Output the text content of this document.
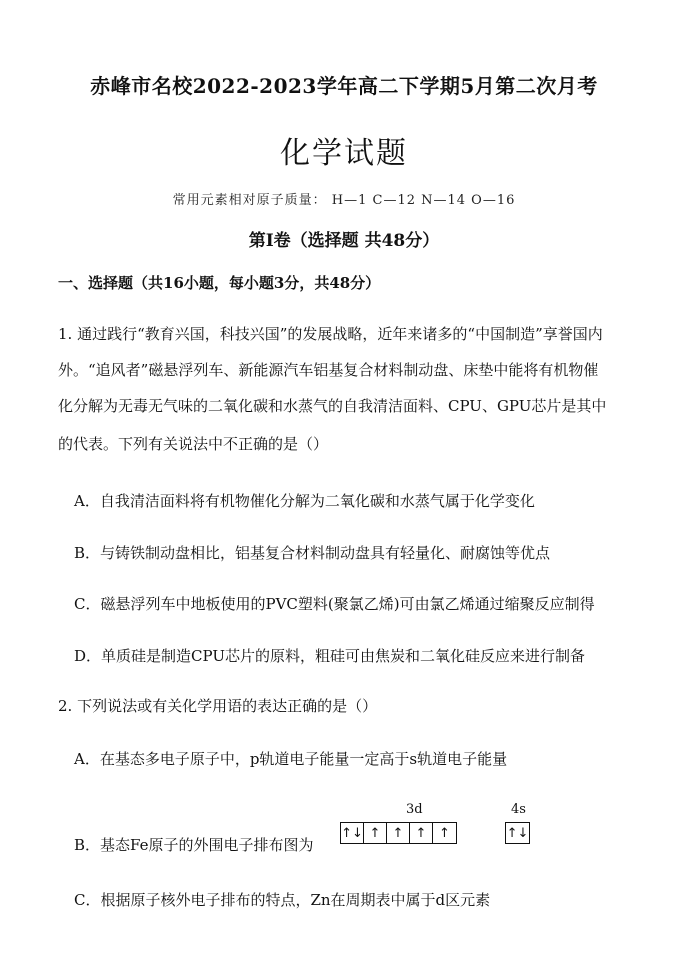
赤峰市名校2022-2023学年高二下学期5月第二次月考
化学试题
常用元素相对原子质量： H—1 C—12 N—14 O—16
第Ⅰ卷（选择题 共48分）
一、选择题（共16小题，每小题3分，共48分）
1. 通过践行“教育兴国，科技兴国”的发展战略，近年来诸多的“中国制造”享誉国内
外。“追风者”磁悬浮列车、新能源汽车铝基复合材料制动盘、床垫中能将有机物催
化分解为无毒无气味的二氧化碳和水蒸气的自我清洁面料、CPU、GPU芯片是其中
的代表。下列有关说法中不正确的是（）
A．自我清洁面料将有机物催化分解为二氧化碳和水蒸气属于化学变化
B．与铸铁制动盘相比，铝基复合材料制动盘具有轻量化、耐腐蚀等优点
C．磁悬浮列车中地板使用的PVC塑料(聚氯乙烯)可由氯乙烯通过缩聚反应制得
D．单质硅是制造CPU芯片的原料，粗硅可由焦炭和二氧化硅反应来进行制备
2. 下列说法或有关化学用语的表达正确的是（）
A．在基态多电子原子中，p轨道电子能量一定高于s轨道电子能量
B．基态Fe原子的外围电子排布图为
3d	4s
↑↓ ↑ ↑ ↑ ↑	↑↓
C．根据原子核外电子排布的特点，Zn在周期表中属于d区元素
